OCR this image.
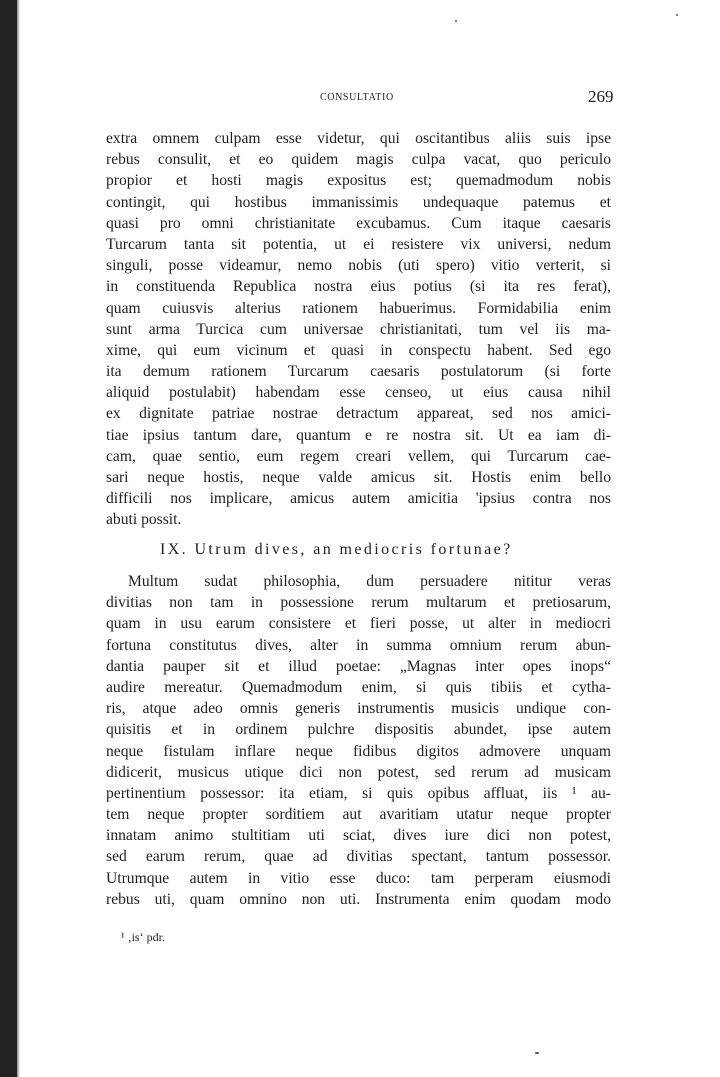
CONSULTATIO	269
extra omnem culpam esse videtur, qui oscitantibus aliis suis ipse
rebus consulit, et eo quidem magis culpa vacat, quo periculo
propior et hosti magis expositus est; quemadmodum nobis
contingit, qui hostibus immanissimis undequaque patemus et
quasi pro omni christianitate excubamus. Cum itaque caesaris
Turcarum tanta sit potentia, ut ei resistere vix universi, nedum
singuli, posse videamur, nemo nobis (uti spero) vitio verterit, si
in constituenda Republica nostra eius potius (si ita res ferat),
quam cuiusvis alterius rationem habuerimus. Formidabilia enim
sunt arma Turcica cum universae christianitati, tum vel iis ma-
xime, qui eum vicinum et quasi in conspectu habent. Sed ego
ita demum rationem Turcarum caesaris postulatorum (si forte
aliquid postulabit) habendam esse censeo, ut eius causa nihil
ex dignitate patriae nostrae detractum appareat, sed nos amici-
tiae ipsius tantum dare, quantum e re nostra sit. Ut ea iam di-
cam, quae sentio, eum regem creari vellem, qui Turcarum cae-
sari neque hostis, neque valde amicus sit. Hostis enim bello
difficili nos implicare, amicus autem amicitia 'ipsius contra nos
abuti possit.
IX. Utrum dives, an mediocris fortunae?
Multum sudat philosophia, dum persuadere nititur veras
divitias non tam in possessione rerum multarum et pretiosarum,
quam in usu earum consistere et fieri posse, ut alter in mediocri
fortuna constitutus dives, alter in summa omnium rerum abun-
dantia pauper sit et illud poetae: „Magnas inter opes inops“
audire mereatur. Quemadmodum enim, si quis tibiis et cytha-
ris, atque adeo omnis generis instrumentis musicis undique con-
quisitis et in ordinem pulchre dispositis abundet, ipse autem
neque fistulam inflare neque fidibus digitos admovere unquam
didicerit, musicus utique dici non potest, sed rerum ad musicam
pertinentium possessor: ita etiam, si quis opibus affluat, iis ¹ au-
tem neque propter sorditiem aut avaritiam utatur neque propter
innatam animo stultitiam uti sciat, dives iure dici non potest,
sed earum rerum, quae ad divitias spectant, tantum possessor.
Utrumque autem in vitio esse duco: tam perperam eiusmodi
rebus uti, quam omnino non uti. Instrumenta enim quodam modo
¹ ‚is‘ pdr.
